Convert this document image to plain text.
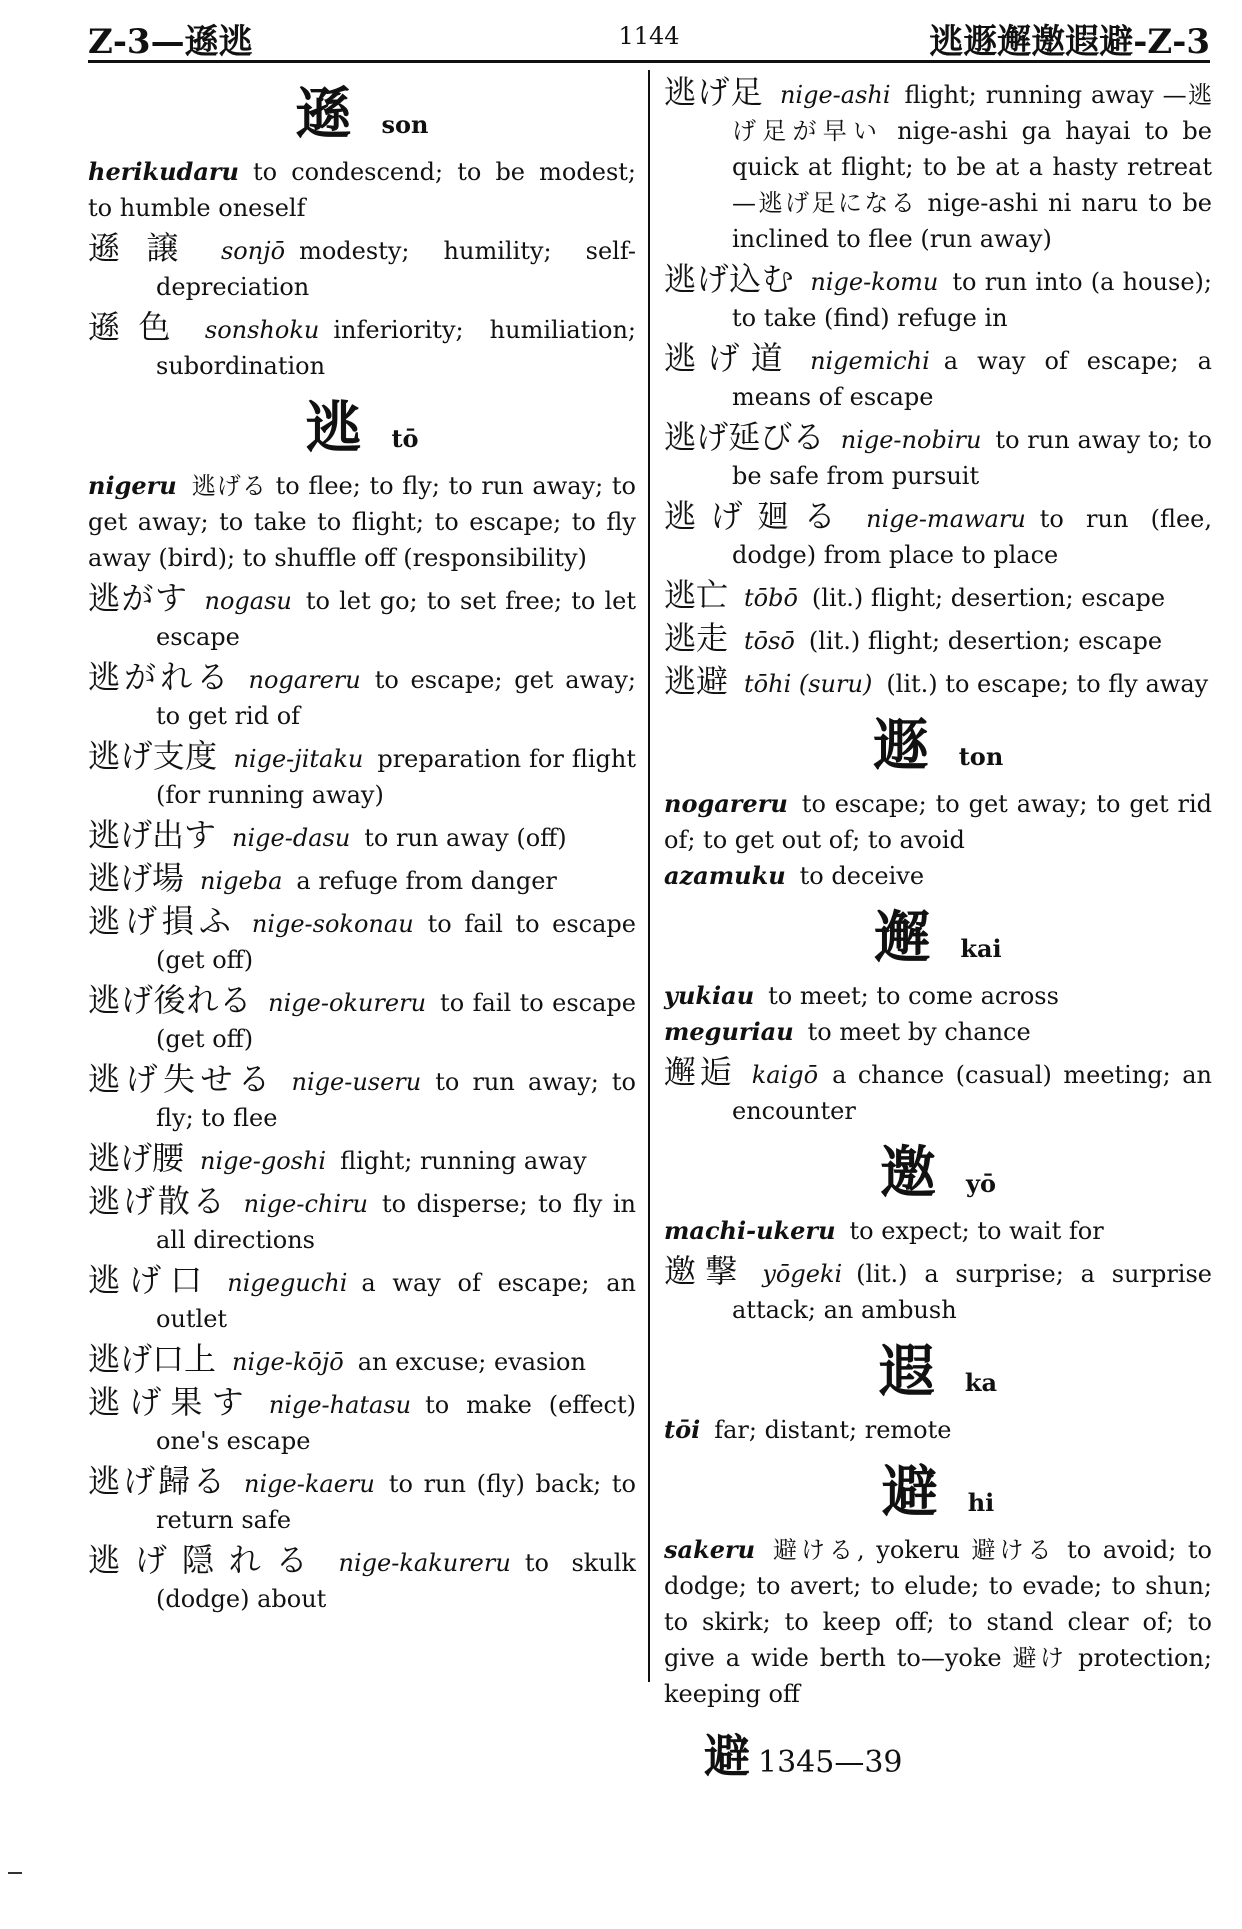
Z-3—遜逃	1144	逃遯邂邀遐避-Z-3
遜 son

herikudaru to condescend; to be modest; to humble oneself

遜譲 sonjō modesty; humility; self-depreciation

遜色 sonshoku inferiority; humiliation; subordination

逃 tō

nigeru 逃げる to flee; to fly; to run away; to get away; to take to flight; to escape; to fly away (bird); to shuffle off (responsibility)

逃がす nogasu to let go; to set free; to let escape

逃がれる nogareru to escape; get away; to get rid of

逃げ支度 nige-jitaku preparation for flight (for running away)

逃げ出す nige-dasu to run away (off)

逃げ場 nigeba a refuge from danger

逃げ損ふ nige-sokonau to fail to escape (get off)

逃げ後れる nige-okureru to fail to escape (get off)

逃げ失せる nige-useru to run away; to fly; to flee

逃げ腰 nige-goshi flight; running away

逃げ散る nige-chiru to disperse; to fly in all directions

逃げ口 nigeguchi a way of escape; an outlet

逃げ口上 nige-kōjō an excuse; evasion

逃げ果す nige-hatasu to make (effect) one's escape

逃げ歸る nige-kaeru to run (fly) back; to return safe

逃げ隠れる nige-kakureru to skulk (dodge) about

逃げ足 nige-ashi flight; running away —逃げ足が早い nige-ashi ga hayai to be quick at flight; to be at a hasty retreat—逃げ足になる nige-ashi ni naru to be inclined to flee (run away)

逃げ込む nige-komu to run into (a house); to take (find) refuge in

逃げ道 nigemichi a way of escape; a means of escape

逃げ延びる nige-nobiru to run away to; to be safe from pursuit

逃げ廻る nige-mawaru to run (flee, dodge) from place to place

逃亡 tōbō (lit.) flight; desertion; escape

逃走 tōsō (lit.) flight; desertion; escape

逃避 tōhi (suru) (lit.) to escape; to fly away

遯 ton

nogareru to escape; to get away; to get rid of; to get out of; to avoid

azamuku to deceive

邂 kai

yukiau to meet; to come across

meguriau to meet by chance

邂逅 kaigō a chance (casual) meeting; an encounter

邀 yō

machi-ukeru to expect; to wait for

邀撃 yōgeki (lit.) a surprise; a surprise attack; an ambush

遐 ka

tōi far; distant; remote

避 hi

sakeru 避ける, yokeru 避ける to avoid; to dodge; to avert; to elude; to evade; to shun; to skirk; to keep off; to stand clear of; to give a wide berth to—yoke 避け protection; keeping off

避 1345—39
